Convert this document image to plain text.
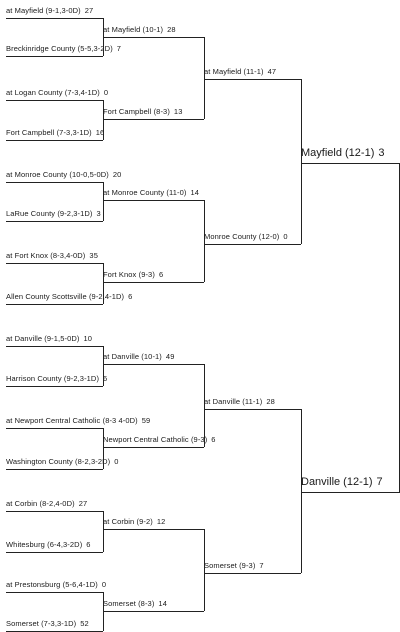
at Mayfield (9-1,3-0D) 27
Breckinridge County (5-5,3-2D) 7
at Logan County (7-3,4-1D) 0
Fort Campbell (7-3,3-1D) 16
at Monroe County (10-0,5-0D) 20
LaRue County (9-2,3-1D) 3
at Fort Knox (8-3,4-0D) 35
Allen County Scottsville (9-2,4-1D) 6
at Danville (9-1,5-0D) 10
Harrison County (9-2,3-1D) 6
at Newport Central Catholic (8-3 4-0D) 59
Washington County (8-2,3-2D) 0
at Corbin (8-2,4-0D) 27
Whitesburg (6-4,3-2D) 6
at Prestonsburg (5-6,4-1D) 0
Somerset (7-3,3-1D) 52
at Mayfield (10-1) 28
Fort Campbell (8-3) 13
at Monroe County (11-0) 14
Fort Knox (9-3) 6
at Danville (10-1) 49
Newport Central Catholic (9-3) 6
at Corbin (9-2) 12
Somerset (8-3) 14
at Mayfield (11-1) 47
Monroe County (12-0) 0
at Danville (11-1) 28
Somerset (9-3) 7
Mayfield (12-1) 3
Danville (12-1) 7
